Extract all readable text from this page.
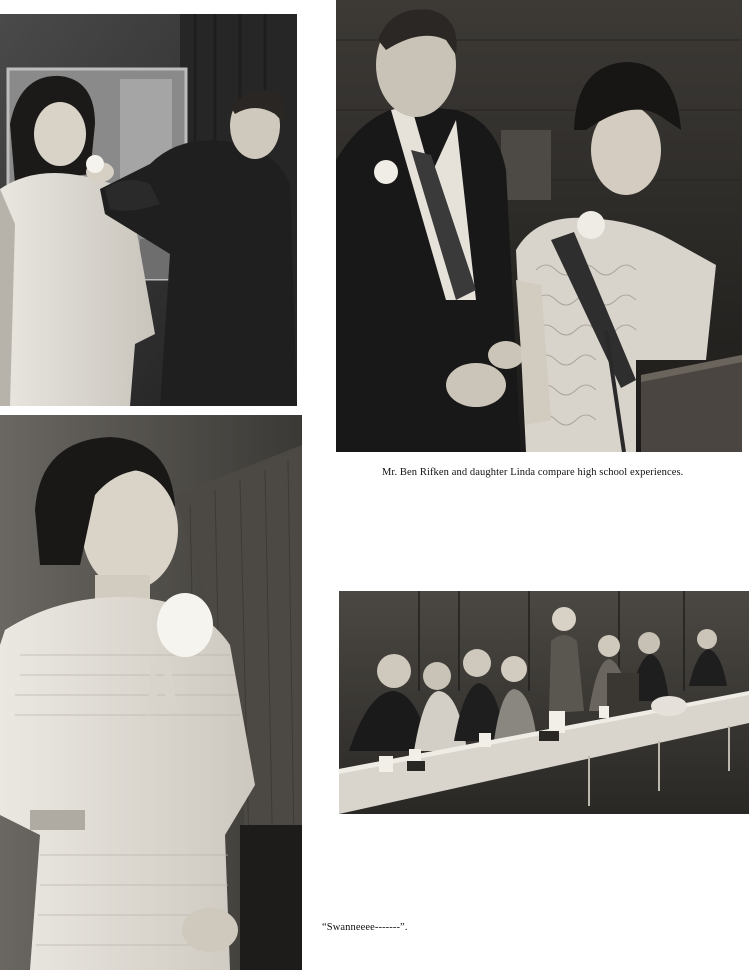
Mr. Ben Rifken and daughter Linda compare high school experiences.
“Swanneeee-------”.
